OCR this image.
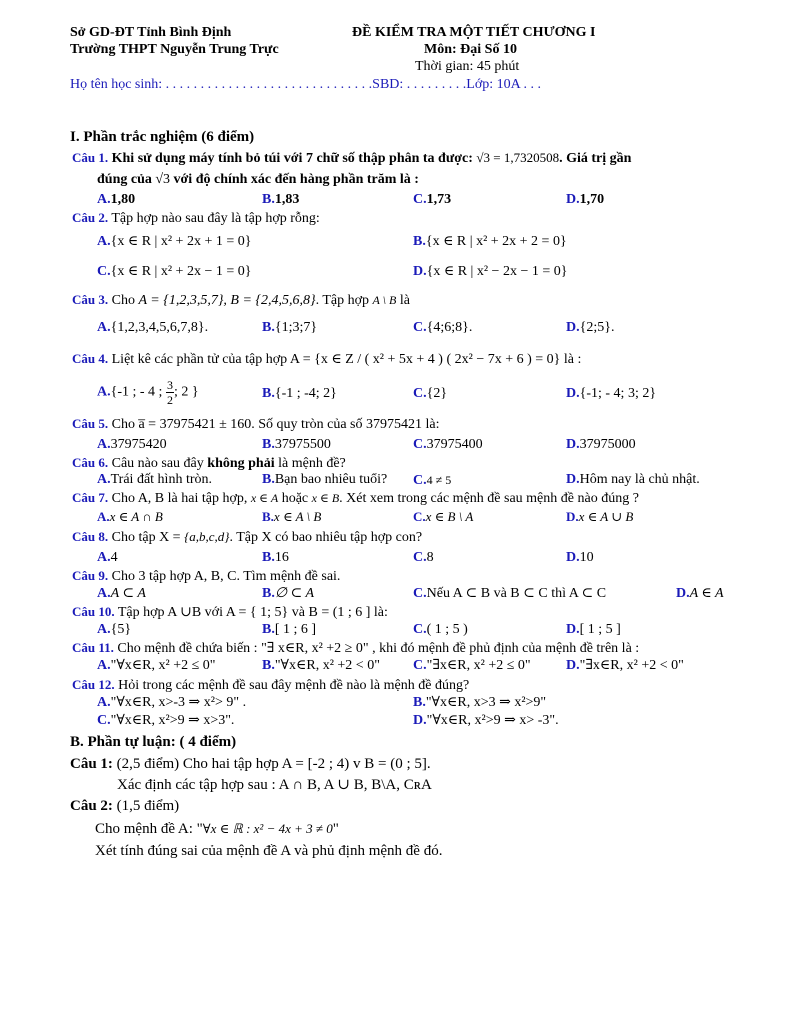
Sở GD-ĐT Tỉnh Bình Định
Trường THPT Nguyễn Trung Trực
ĐỀ KIỂM TRA MỘT TIẾT CHƯƠNG I
Môn: Đại Số 10
Thời gian: 45 phút
Họ tên học sinh: . . . . . . . . . . . . . . . . . . . . . . . . . . . . . .SBD: . . . . . . . . .Lớp: 10A . . .
I. Phần trắc nghiệm (6 điểm)
Câu 1. Khi sử dụng máy tính bỏ túi với 7 chữ số thập phân ta được: √3 = 1,7320508. Giá trị gần
đúng của √3 với độ chính xác đến hàng phần trăm là :
A.1,80	B.1,83	C.1,73	D.1,70
Câu 2. Tập hợp nào sau đây là tập hợp rỗng:
A.{x ∈ R | x² + 2x + 1 = 0}	B.{x ∈ R | x² + 2x + 2 = 0}
C.{x ∈ R | x² + 2x − 1 = 0}	D.{x ∈ R | x² − 2x − 1 = 0}
Câu 3. Cho A = {1,2,3,5,7}, B = {2,4,5,6,8}. Tập hợp A \ B là
A.{1,2,3,4,5,6,7,8}.	B.{1;3;7}	C.{4;6;8}.	D.{2;5}.
Câu 4. Liệt kê các phần tử của tập hợp A = {x ∈ Z / ( x² + 5x + 4 ) ( 2x² − 7x + 6 ) = 0} là :
A.{-1 ; - 4 ; $\frac{3}{2}$ ; 2 }	B.{-1 ; -4; 2}	C.{2}	D.{-1; - 4; 3; 2}
Câu 5. Cho a̅ = 37975421 ± 160. Số quy tròn của số 37975421 là:
A.37975420	B.37975500	C.37975400	D.37975000
Câu 6. Câu nào sau đây không phải là mệnh đề?
A.Trái đất hình tròn.	B.Bạn bao nhiêu tuổi? C.4 ≠ 5	D.Hôm nay là chủ nhật.
Câu 7. Cho A, B là hai tập hợp, x ∈ A hoặc x ∈ B. Xét xem trong các mệnh đề sau mệnh đề nào đúng ?
A.x ∈ A ∩ B	B.x ∈ A \ B	C.x ∈ B \ A	D.x ∈ A ∪ B
Câu 8. Cho tập X = {a,b,c,d}. Tập X có bao nhiêu tập hợp con?
A.4	B.16	C.8	D.10
Câu 9. Cho 3 tập hợp A, B, C. Tìm mệnh đề sai.
A.A ⊂ A	B.∅ ⊂ A	C.Nếu A ⊂ B và B ⊂ C thì A ⊂ C	D.A ∈ A
Câu 10. Tập hợp A ∪B với A = { 1; 5} và B = (1 ; 6 ] là:
A.{5}	B.[ 1 ; 6 ]	C.( 1 ; 5 )	D.[ 1 ; 5 ]
Câu 11. Cho mệnh đề chứa biến : "∃ x∈R, x² +2 ≥ 0" , khi đó mệnh đề phủ định của mệnh đề trên là :
A."∀x∈R, x² +2 ≤ 0"	B."∀x∈R, x² +2 < 0" C."∃x∈R, x² +2 ≤ 0"	D."∃x∈R, x² +2 < 0"
Câu 12. Hỏi trong các mệnh đề sau đây mệnh đề nào là mệnh đề đúng?
A."∀x∈R, x>-3 ⇒ x²> 9" .	B."∀x∈R, x>3 ⇒ x²>9"
C."∀x∈R, x²>9 ⇒ x>3".	D."∀x∈R, x²>9 ⇒ x> -3".
B. Phần tự luận: ( 4 điểm)
Câu 1: (2,5 điểm) Cho hai tập hợp A = [-2 ; 4) v B = (0 ; 5].
Xác định các tập hợp sau : A ∩ B, A ∪ B, B\A, CʀA
Câu 2: (1,5 điểm)
Cho mệnh đề A: "∀x ∈ ℝ : x² − 4x + 3 ≠ 0"
Xét tính đúng sai của mệnh đề A và phủ định mệnh đề đó.
